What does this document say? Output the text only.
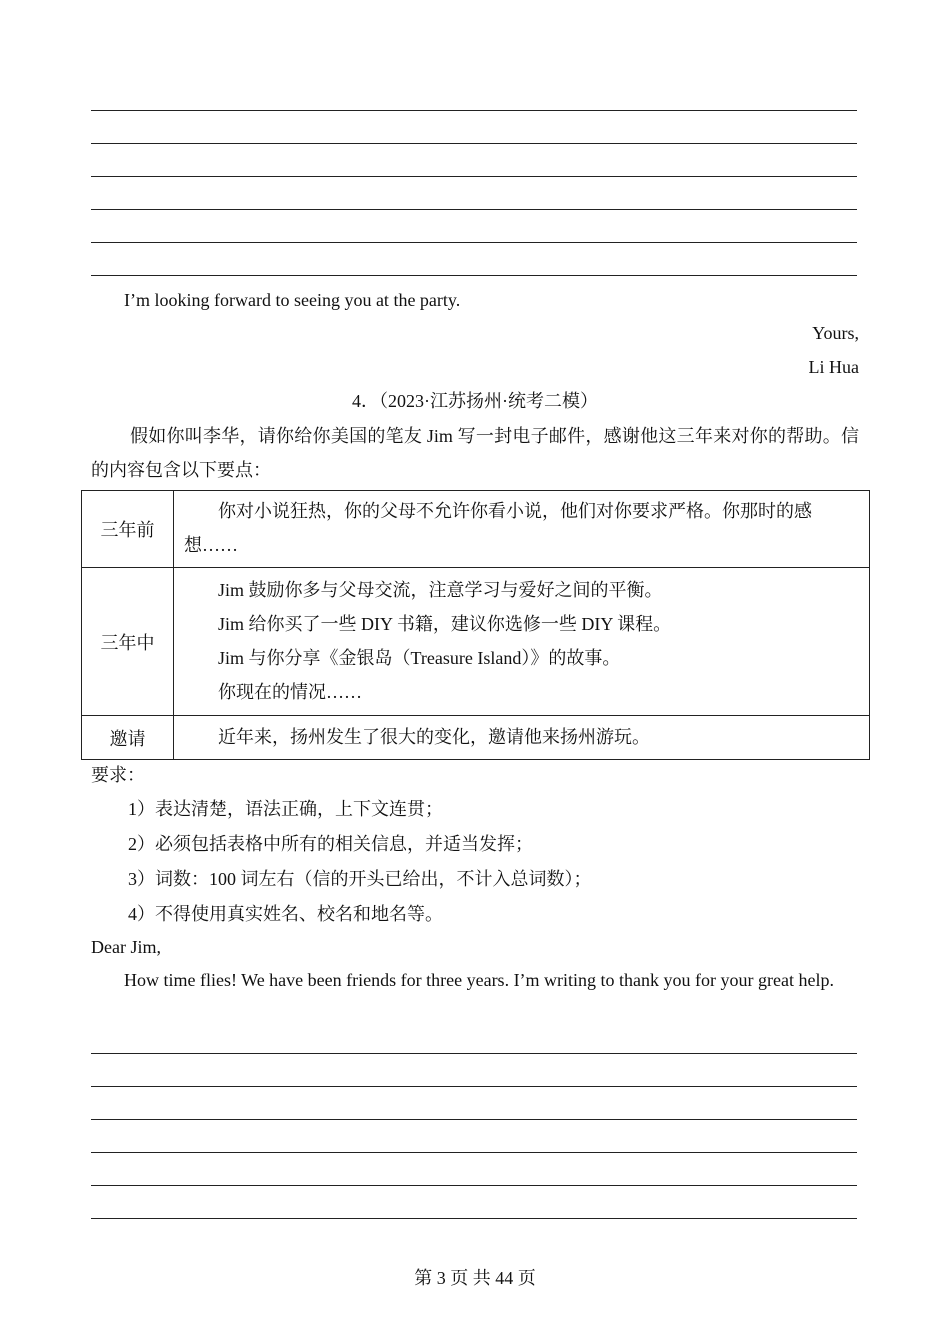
I’m looking forward to seeing you at the party.
Yours,
Li Hua
4．（2023·江苏扬州·统考二模）
假如你叫李华，请你给你美国的笔友 Jim 写一封电子邮件，感谢他这三年来对你的帮助。信的内容包含以下要点：
三年前	你对小说狂热，你的父母不允许你看小说，他们对你要求严格。你那时的感想……

三年中	Jim 鼓励你多与父母交流，注意学习与爱好之间的平衡。

Jim 给你买了一些 DIY 书籍，建议你选修一些 DIY 课程。

Jim 与你分享《金银岛（Treasure Island）》的故事。

你现在的情况……

邀请	近年来，扬州发生了很大的变化，邀请他来扬州游玩。

要求：
1）表达清楚，语法正确，上下文连贯；
2）必须包括表格中所有的相关信息，并适当发挥；
3）词数：100 词左右（信的开头已给出，不计入总词数）；
4）不得使用真实姓名、校名和地名等。
Dear Jim,
How time flies! We have been friends for three years. I’m writing to thank you for your great help.
第 3 页 共 44 页
